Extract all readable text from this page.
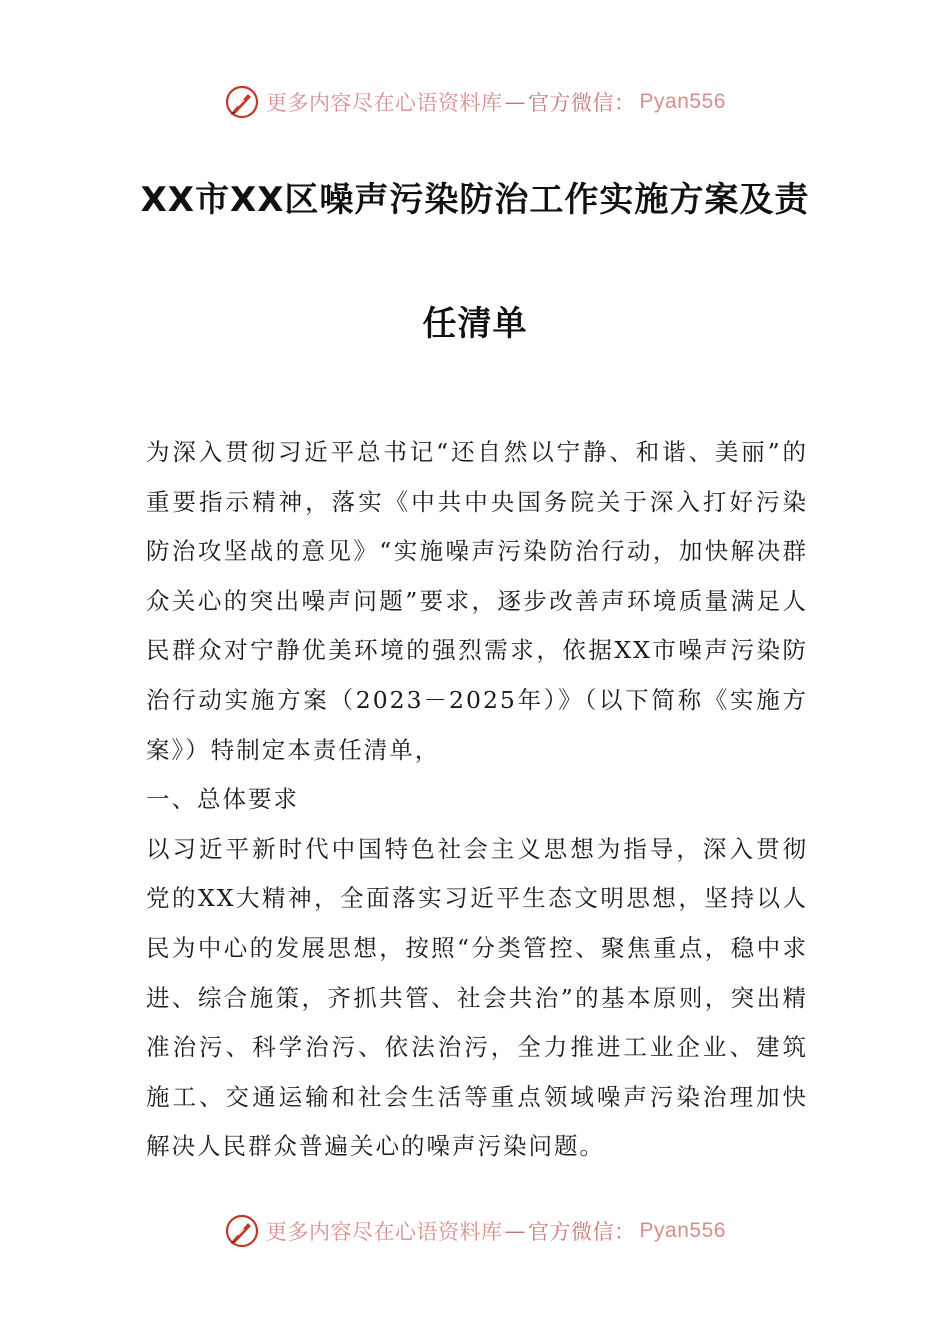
更多内容尽在心语资料库 — 官方微信： Pyan556
XX市XX区噪声污染防治工作实施方案及责
任清单

为深入贯彻习近平总书记“还自然以宁静、和谐、美丽”的重要指示精神，落实《中共中央国务院关于深入打好污染防治攻坚战的意见》“实施噪声污染防治行动，加快解决群众关心的突出噪声问题”要求，逐步改善声环境质量满足人民群众对宁静优美环境的强烈需求，依据XX市噪声污染防治行动实施方案（2023－2025年）》（以下简称《实施方案》）特制定本责任清单，

一、总体要求

以习近平新时代中国特色社会主义思想为指导，深入贯彻党的XX大精神，全面落实习近平生态文明思想，坚持以人民为中心的发展思想，按照“分类管控、聚焦重点，稳中求进、综合施策，齐抓共管、社会共治”的基本原则，突出精准治污、科学治污、依法治污，全力推进工业企业、建筑施工、交通运输和社会生活等重点领域噪声污染治理加快解决人民群众普遍关心的噪声污染问题。

更多内容尽在心语资料库 — 官方微信： Pyan556
